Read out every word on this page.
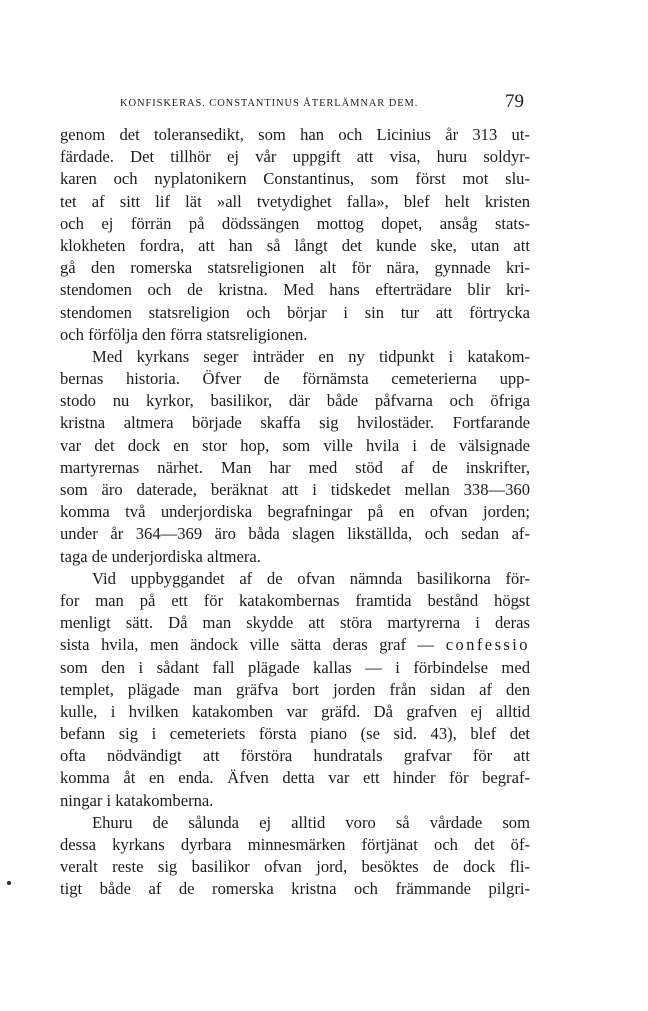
KONFISKERAS. CONSTANTINUS ÅTERLÄMNAR DEM.	79
genom det toleransedikt, som han och Licinius år 313 ut-
färdade. Det tillhör ej vår uppgift att visa, huru soldyr-
karen och nyplatonikern Constantinus, som först mot slu-
tet af sitt lif lät »all tvetydighet falla», blef helt kristen
och ej förrän på dödssängen mottog dopet, ansåg stats-
klokheten fordra, att han så långt det kunde ske, utan att
gå den romerska statsreligionen alt för nära, gynnade kri-
stendomen och de kristna. Med hans efterträdare blir kri-
stendomen statsreligion och börjar i sin tur att förtrycka
och förfölja den förra statsreligionen.
Med kyrkans seger inträder en ny tidpunkt i katakom-
bernas historia. Öfver de förnämsta cemeterierna upp-
stodo nu kyrkor, basilikor, där både påfvarna och öfriga
kristna altmera började skaffa sig hvilostäder. Fortfarande
var det dock en stor hop, som ville hvila i de välsignade
martyrernas närhet. Man har med stöd af de inskrifter,
som äro daterade, beräknat att i tidskedet mellan 338—360
komma två underjordiska begrafningar på en ofvan jorden;
under år 364—369 äro båda slagen likställda, och sedan af-
taga de underjordiska altmera.
Vid uppbyggandet af de ofvan nämnda basilikorna för-
for man på ett för katakombernas framtida bestånd högst
menligt sätt. Då man skydde att störa martyrerna i deras
sista hvila, men ändock ville sätta deras graf — confessio
som den i sådant fall plägade kallas — i förbindelse med
templet, plägade man gräfva bort jorden från sidan af den
kulle, i hvilken katakomben var gräfd. Då grafven ej alltid
befann sig i cemeteriets första piano (se sid. 43), blef det
ofta nödvändigt att förstöra hundratals grafvar för att
komma åt en enda. Äfven detta var ett hinder för begraf-
ningar i katakomberna.
Ehuru de sålunda ej alltid voro så vårdade som
dessa kyrkans dyrbara minnesmärken förtjänat och det öf-
veralt reste sig basilikor ofvan jord, besöktes de dock fli-
tigt både af de romerska kristna och främmande pilgri-
